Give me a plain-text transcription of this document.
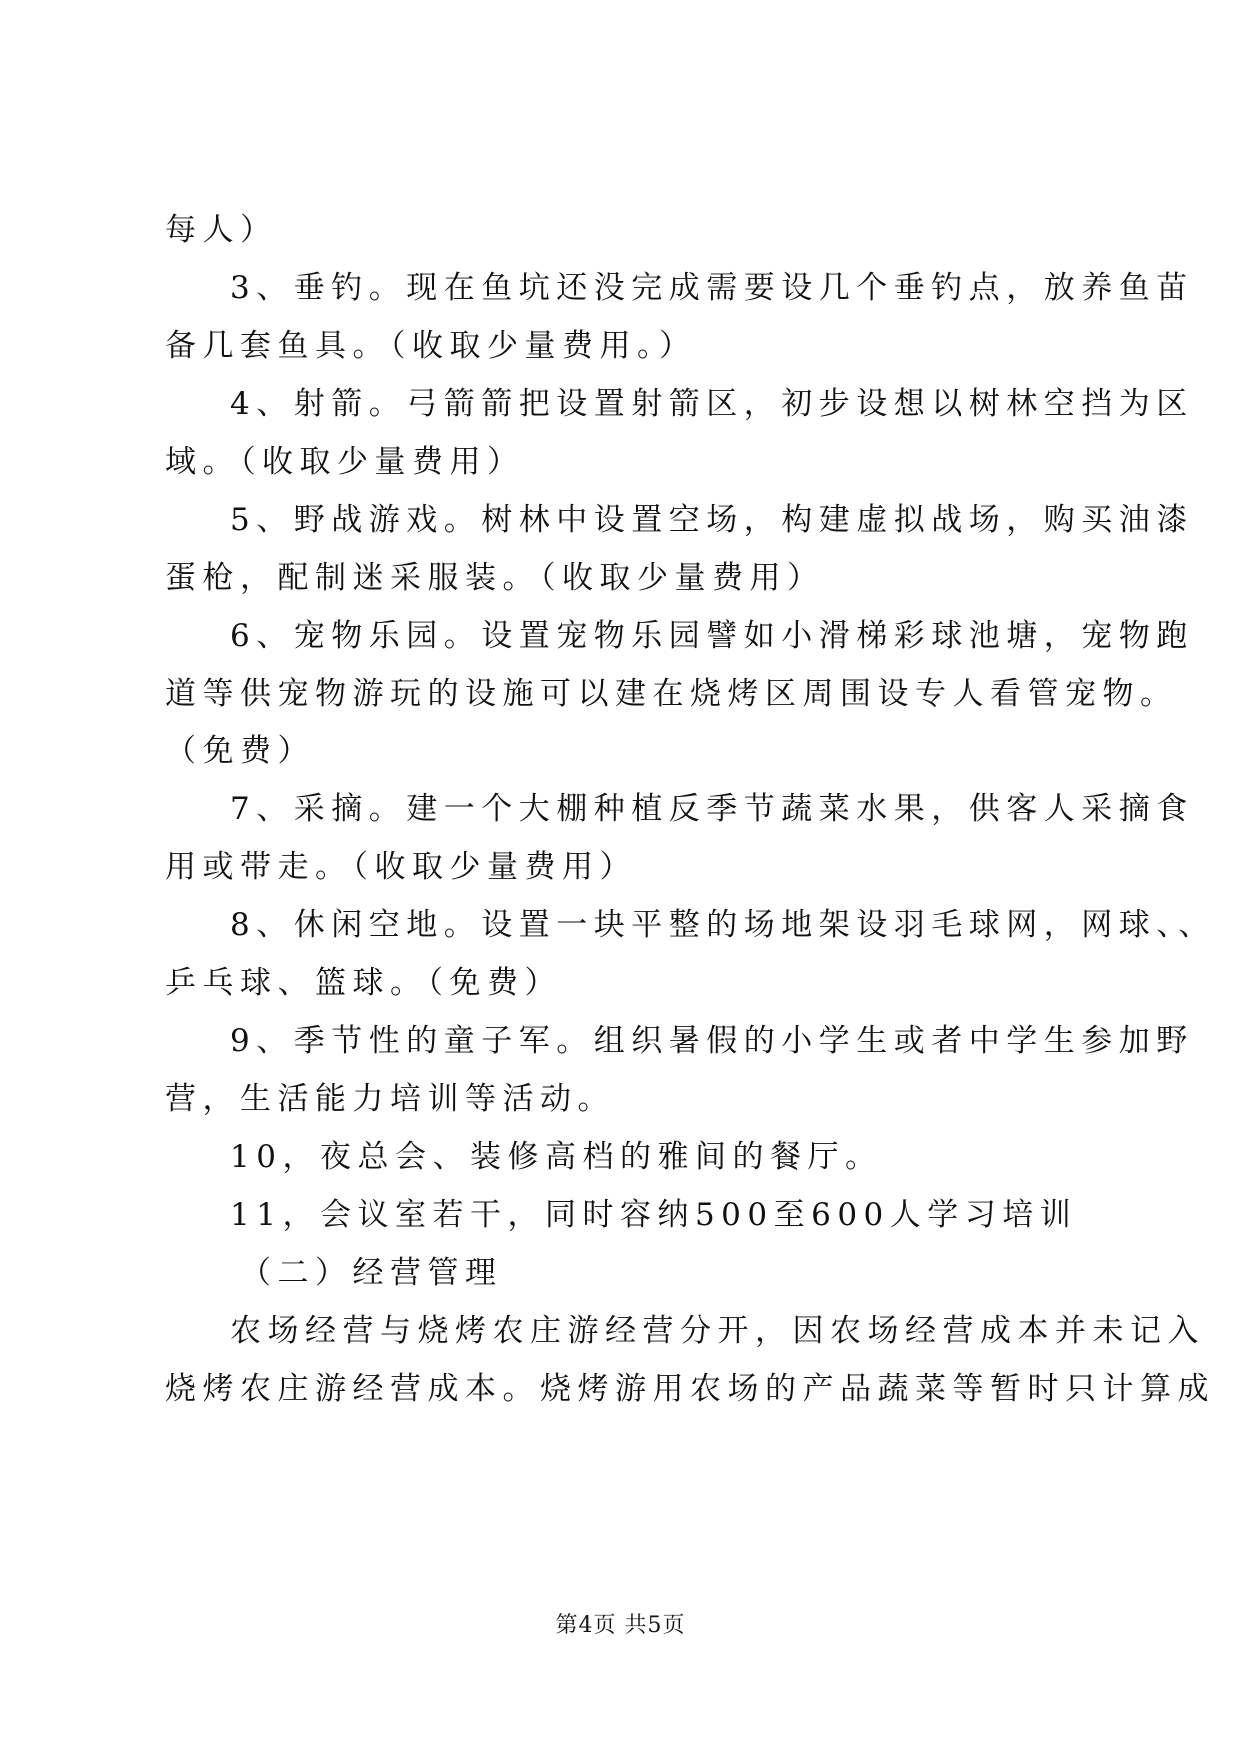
每人）
3、垂钓。现在鱼坑还没完成需要设几个垂钓点，放养鱼苗
备几套鱼具。（收取少量费用。）
4、射箭。弓箭箭把设置射箭区，初步设想以树林空挡为区
域。（收取少量费用）
5、野战游戏。树林中设置空场，构建虚拟战场，购买油漆
蛋枪，配制迷采服装。（收取少量费用）
6、宠物乐园。设置宠物乐园譬如小滑梯彩球池塘，宠物跑
道等供宠物游玩的设施可以建在烧烤区周围设专人看管宠物。
（免费）
7、采摘。建一个大棚种植反季节蔬菜水果，供客人采摘食
用或带走。（收取少量费用）
8、休闲空地。设置一块平整的场地架设羽毛球网，网球、、
乒乓球、篮球。（免费）
9、季节性的童子军。组织暑假的小学生或者中学生参加野
营，生活能力培训等活动。
10，夜总会、装修高档的雅间的餐厅。
11，会议室若干，同时容纳500至600人学习培训
（二）经营管理
农场经营与烧烤农庄游经营分开，因农场经营成本并未记入
烧烤农庄游经营成本。烧烤游用农场的产品蔬菜等暂时只计算成
第4页 共5页
